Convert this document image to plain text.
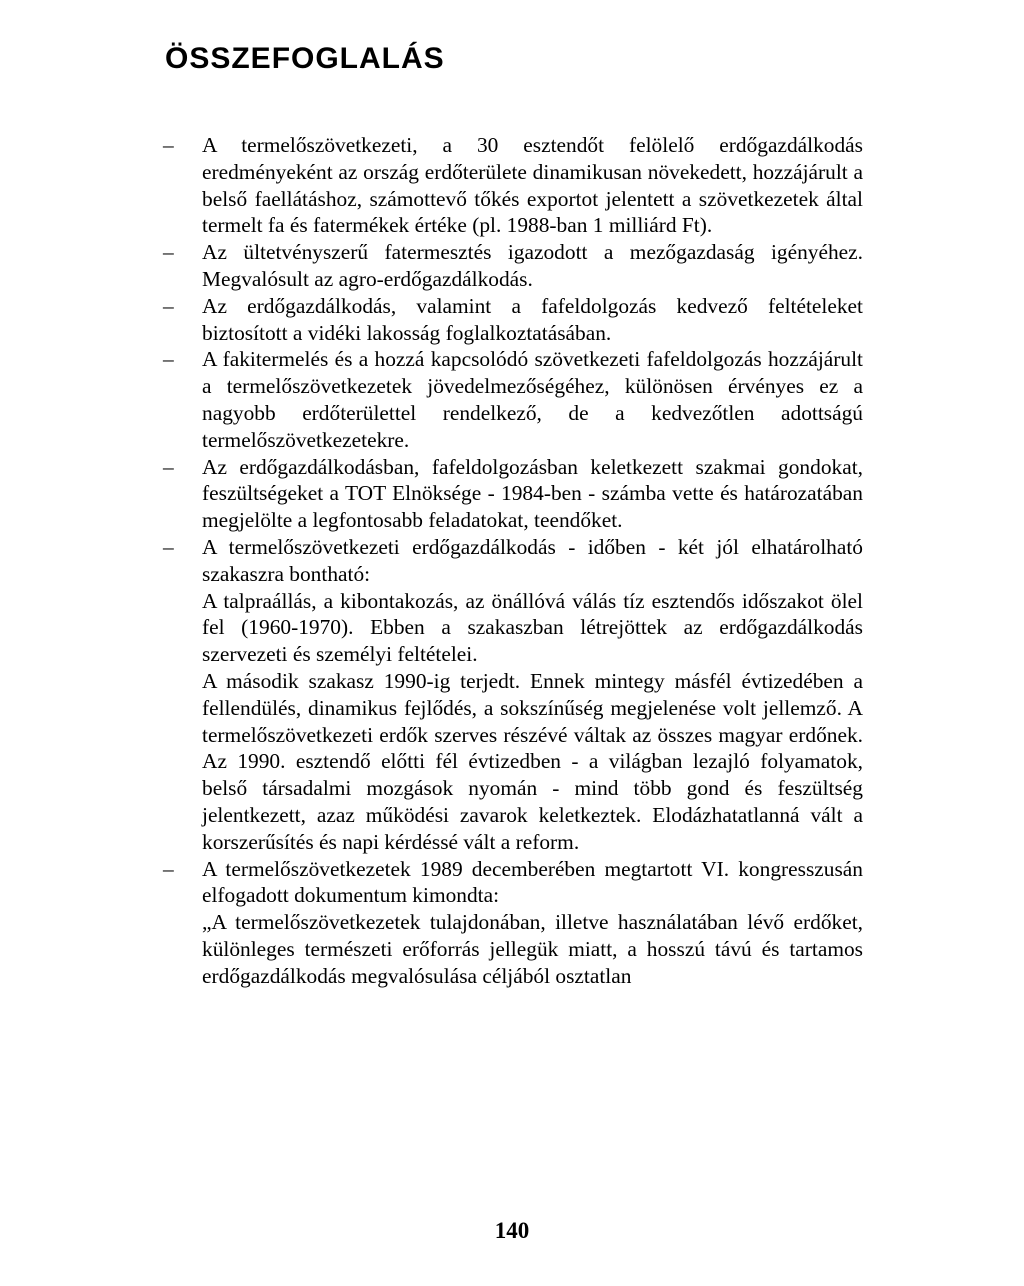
ÖSSZEFOGLALÁS
– A termelőszövetkezeti, a 30 esztendőt felölelő erdőgazdálkodás eredményeként az ország erdőterülete dinamikusan növekedett, hozzájárult a belső faellátáshoz, számottevő tőkés exportot jelentett a szövetkezetek által termelt fa és fatermékek értéke (pl. 1988-ban 1 milliárd Ft).
– Az ültetvényszerű fatermesztés igazodott a mezőgazdaság igényéhez. Megvalósult az agro-erdőgazdálkodás.
– Az erdőgazdálkodás, valamint a fafeldolgozás kedvező feltételeket biztosított a vidéki lakosság foglalkoztatásában.
– A fakitermelés és a hozzá kapcsolódó szövetkezeti fafeldolgozás hozzájárult a termelőszövetkezetek jövedelmezőségéhez, különösen érvényes ez a nagyobb erdőterülettel rendelkező, de a kedvezőtlen adottságú termelőszövetkezetekre.
– Az erdőgazdálkodásban, fafeldolgozásban keletkezett szakmai gondokat, feszültségeket a TOT Elnöksége - 1984-ben - számba vette és határozatában megjelölte a legfontosabb feladatokat, teendőket.
– A termelőszövetkezeti erdőgazdálkodás - időben - két jól elhatárolható szakaszra bontható:
A talpraállás, a kibontakozás, az önállóvá válás tíz esztendős időszakot ölel fel (1960-1970). Ebben a szakaszban létrejöttek az erdőgazdálkodás szervezeti és személyi feltételei.
A második szakasz 1990-ig terjedt. Ennek mintegy másfél évtizedében a fellendülés, dinamikus fejlődés, a sokszínűség megjelenése volt jellemző. A termelőszövetkezeti erdők szerves részévé váltak az összes magyar erdőnek. Az 1990. esztendő előtti fél évtizedben - a világban lezajló folyamatok, belső társadalmi mozgások nyomán - mind több gond és feszültség jelentkezett, azaz működési zavarok keletkeztek. Elodázhatatlanná vált a korszerűsítés és napi kérdéssé vált a reform.
– A termelőszövetkezetek 1989 decemberében megtartott VI. kongresszusán elfogadott dokumentum kimondta:
„A termelőszövetkezetek tulajdonában, illetve használatában lévő erdőket, különleges természeti erőforrás jellegük miatt, a hosszú távú és tartamos erdőgazdálkodás megvalósulása céljából osztatlan
140
